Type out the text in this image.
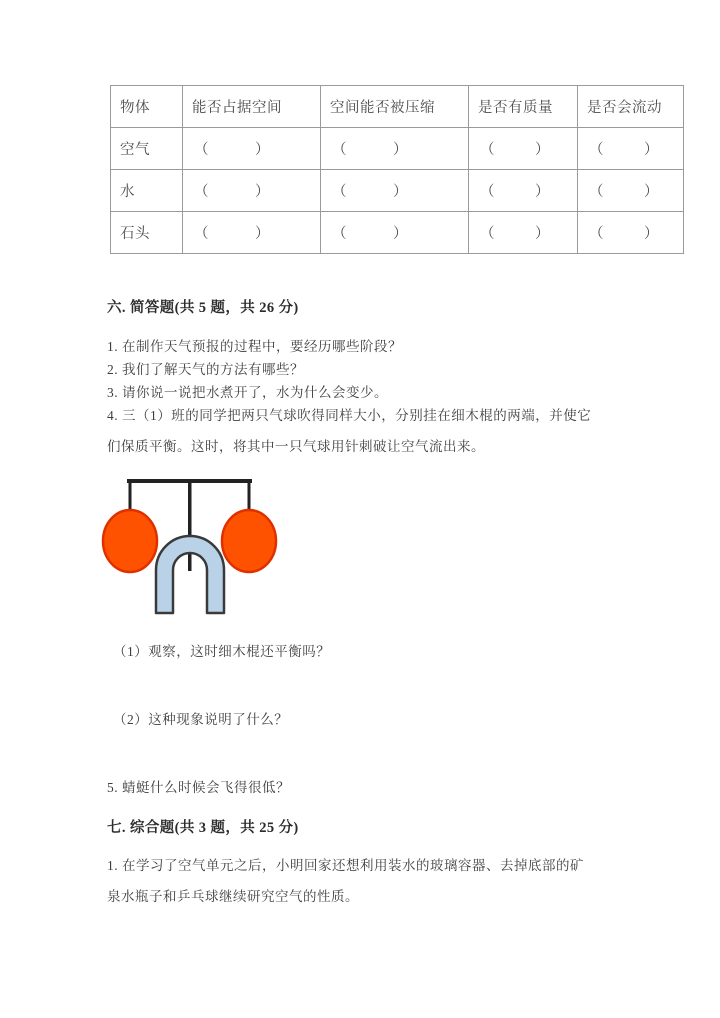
物体	能否占据空间	空间能否被压缩	是否有质量	是否会流动
空气	（ ）	（ ）	（ ）	（ ）

水	（ ）	（ ）	（ ）	（ ）

石头	（ ）	（ ）	（ ）	（ ）
六. 简答题(共 5 题，共 26 分)
1. 在制作天气预报的过程中，要经历哪些阶段？
2. 我们了解天气的方法有哪些？
3. 请你说一说把水煮开了，水为什么会变少。
4. 三（1）班的同学把两只气球吹得同样大小，分别挂在细木棍的两端，并使它
们保质平衡。这时，将其中一只气球用针刺破让空气流出来。
（1）观察，这时细木棍还平衡吗？
（2）这种现象说明了什么？
5. 蜻蜓什么时候会飞得很低？
七. 综合题(共 3 题，共 25 分)
1. 在学习了空气单元之后，小明回家还想利用装水的玻璃容器、去掉底部的矿
泉水瓶子和乒乓球继续研究空气的性质。
